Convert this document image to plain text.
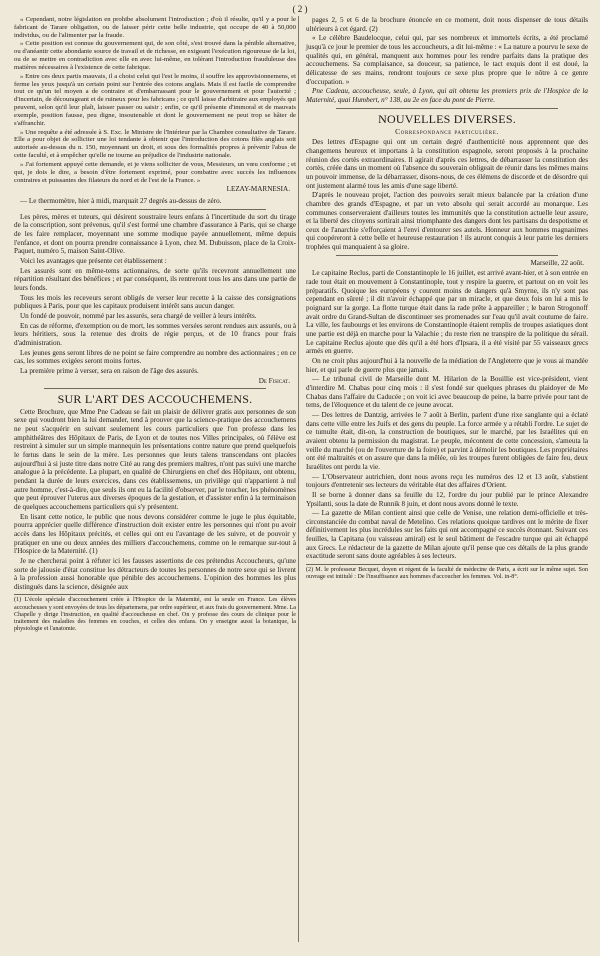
( 2 )

« Cependant, notre législation en prohibe absolument l'introduction ; d'où il résulte, qu'il y a pour le fabricant de Tarare obligation, ou de laisser périr cette belle industrie, qui occupe de 40 à 50,000 individus, ou de l'alimenter par la fraude.

» Cette position est connue du gouvernement qui, de son côté, s'est trouvé dans la pénible alternative, ou d'anéantir cette abondante source de travail et de richesse, en exigeant l'exécution rigoureuse de la loi, ou de se mettre en contradiction avec elle en avec lui-même, en tolérant l'introduction frauduleuse des matières nécessaires à l'existence de cette fabrique.

» Entre ces deux partis mauvais, il a choisi celui qui l'est le moins, il souffre les approvisionnemens, et ferme les yeux jusqu'à un certain point sur l'entrée des cotons anglais. Mais il est facile de comprendre tout ce qu'un tel moyen a de contraire et d'embarrassant pour le gouvernement et pour l'autorité ; d'incertain, de décourageant et de ruineux pour les fabricans ; ce qu'il laisse d'arbitraire aux employés qui peuvent, selon qu'il leur plaît, laisser passer ou saisir ; enfin, ce qu'il présente d'immoral et de mauvais exemple, position fausse, peu digne, insoutenable et dont le gouvernement ne peut trop se hâter de s'affranchir.

» Une requête a été adressée à S. Exc. le Ministre de l'Intérieur par la Chambre consultative de Tarare. Elle a pour objet de solliciter une loi tendante à obtenir que l'introduction des cotons filés anglais soit autorisée au-dessus du n. 150, moyennant un droit, et sous des formalités propres à prévenir l'abus de cette faculté, et à empêcher qu'elle ne tourne au préjudice de l'industrie nationale.

» J'ai fortement appuyé cette demande, et je viens solliciter de vous, Messieurs, un vœu conforme ; et qui, je dois le dire, a besoin d'être fortement exprimé, pour combattre avec succès les influences contraires et puissantes des filateurs du nord et de l'est de la France. »

LEZAY-MARNESIA.

— Le thermomètre, hier à midi, marquait 27 degrés au-dessus de zéro.

Les pères, mères et tuteurs, qui désirent soustraire leurs enfans à l'incertitude du sort du tirage de la conscription, sont prévenus, qu'il s'est formé une chambre d'assurance à Paris, qui se charge de les faire remplacer, moyennant une somme modique payée annuellement, même depuis l'enfance, et dont on pourra prendre connaissance à Lyon, chez M. Dubuisson, place de la Croix-Paquet, numéro 5, maison Saint-Olive.

Voici les avantages que présente cet établissement :

Les assurés sont en même-tems actionnaires, de sorte qu'ils recevront annuellement une répartition résultant des bénéfices ; et par conséquent, ils rentreront tous les ans dans une partie de leurs fonds.

Tous les mois les receveurs seront obligés de verser leur recette à la caisse des consignations publiques à Paris, pour que les capitaux produisent intérêt sans aucun danger.

Un fondé de pouvoir, nommé par les assurés, sera chargé de veiller à leurs intérêts.

En cas de réforme, d'exemption ou de mort, les sommes versées seront rendues aux assurés, ou à leurs héritiers, sous la retenue des droits de régie perçus, et de 10 francs pour frais d'administration.

Les jeunes gens seront libres de ne point se faire comprendre au nombre des actionnaires ; en ce cas, les sommes exigées seront moins fortes.

La première prime à verser, sera en raison de l'âge des assurés.

De Fisicat.
SUR L'ART DES ACCOUCHEMENS.

Cette Brochure, que Mme Pne Cadeau se fait un plaisir de délivrer gratis aux personnes de son sexe qui voudront bien la lui demander, tend à prouver que la science-pratique des accouchemens ne peut s'acquérir en suivant seulement les cours particuliers que l'on professe dans les amphithéâtres des Hôpitaux de Paris, de Lyon et de toutes nos Villes principales, où l'élève est restreint à simuler sur un simple mannequin les présentations contre nature que prend quelquefois le fœtus dans le sein de la mère. Les personnes que leurs talens transcendans ont placées aujourd'hui à si juste titre dans notre Cité au rang des premiers maîtres, n'ont pas suivi une marche analogue à la précédente. La plupart, en qualité de Chirurgiens en chef des Hôpitaux, ont obtenu, pendant la durée de leurs exercices, dans ces établissemens, un privilège qui n'appartient à nul autre homme, c'est-à-dire, que seuls ils ont eu la facilité d'observer, par le toucher, les phénomènes que peut éprouver l'uterus aux diverses époques de la gestation, et d'assister enfin à la terminaison de quelques accouchemens particuliers qui s'y présentent.

En lisant cette notice, le public que nous devons considérer comme le juge le plus équitable, pourra apprécier quelle différence d'instruction doit exister entre les personnes qui n'ont pu avoir accès dans les Hôpitaux précités, et celles qui ont eu l'avantage de les suivre, et de pouvoir y pratiquer en une ou deux années des milliers d'accouchemens, comme on le remarque sur-tout à l'Hospice de la Maternité. (1)

Je ne chercherai point à réfuter ici les fausses assertions de ces prétendus Accoucheurs, qu'une sorte de jalousie d'état constitue les détracteurs de toutes les personnes de notre sexe qui se livrent à la profession aussi honorable que pénible des accouchemens. L'opinion des hommes les plus distingués dans la science, désignée aux

(1) L'école spéciale d'accouchement créée à l'Hospice de la Maternité, est la seule en France. Les élèves accoucheuses y sont envoyées de tous les départemens, par ordre supérieur, et aux frais du gouvernement. Mme. La Chapelle y dirige l'instruction, en qualité d'accoucheuse en chef. On y professe des cours de clinique pour le traitement des maladies des femmes en couches, et celles des enfans. On y enseigne aussi la botanique, la physiologie et l'anatomie.

pages 2, 5 et 6 de la brochure énoncée en ce moment, doit nous dispenser de tous détails ultérieurs à cet égard. (2)

« Le célèbre Baudelocque, celui qui, par ses nombreux et immortels écrits, a été proclamé jusqu'à ce jour le premier de tous les accoucheurs, a dit lui-même : « La nature a pourvu le sexe de qualités qui, en général, manquent aux hommes pour les rendre parfaits dans la pratique des accouchemens. Sa complaisance, sa douceur, sa patience, le tact exquis dont il est doué, la délicatesse de ses mains, rendront toujours ce sexe plus propre que le nôtre à ce genre d'occupation. »

Pne Cadeau, accoucheuse, seule, à Lyon, qui ait obtenu les premiers prix de l'Hospice de la Maternité, quai Humbert, n° 138, au 2e en face du pont de Pierre.

NOUVELLES DIVERSES.
Correspondance particulière.

Des lettres d'Espagne qui ont un certain degré d'authenticité nous apprennent que des changemens heureux et importans à la constitution espagnole, seront proposés à la prochaine réunion des cortès extraordinaires. Il agirait d'après ces lettres, de débarrasser la constitution des cortès, créée dans un moment où l'absence du souverain obligeait de réunir dans les mêmes mains un pouvoir immense, de la débarrasser, disons-nous, de ces élémens de discorde et de désordre qui ont justement alarmé tous les amis d'une sage liberté.

D'après le nouveau projet, l'action des pouvoirs serait mieux balancée par la création d'une chambre des grands d'Espagne, et par un veto absolu qui serait accordé au monarque. Les communes conserveraient d'ailleurs toutes les immunités que la constitution actuelle leur assure, et la liberté des citoyens sortirait ainsi triomphante des dangers dont les partisans du despotisme et ceux de l'anarchie s'efforçaient à l'envi d'entourer ses autels. Honneur aux hommes magnanimes qui coopéreront à cette belle et heureuse restauration ! ils auront conquis à leur patrie les derniers trophées qui manquaient à sa gloire.

Marseille, 22 août.

Le capitaine Reclus, parti de Constantinople le 16 juillet, est arrivé avant-hier, et à son entrée en rade tout était en mouvement à Constantinople, tout y respire la guerre, et partout on en voit les préparatifs. Quoique les européens y courent moins de dangers qu'à Smyrne, ils n'y sont pas cependant en sûreté ; il dit n'avoir échappé que par un miracle, et que deux fois on lui a mis le poignard sur la gorge. La flotte turque était dans la rade prête à appareiller ; le baron Strogonoff avait ordre du Grand-Sultan de discontinuer ses promenades sur l'eau qu'il avait coutume de faire. La ville, les faubourgs et les environs de Constantinople étaient remplis de troupes asiatiques dont une partie est déjà en marche pour la Valachie ; du reste rien ne transpire de la politique du sérail. Le capitaine Reclus ajoute que dès qu'il a été hors d'Ipsara, il a été visité par 55 vaisseaux grecs armés en guerre.

On ne croit plus aujourd'hui à la nouvelle de la médiation de l'Angleterre que je vous ai mandée hier, et qui parle de guerre plus que jamais.

— Le tribunal civil de Marseille dont M. Hilarion de la Bouillie est vice-président, vient d'interdire M. Chabas pour cinq mois : il s'est fondé sur quelques phrases du plaidoyer de Me Chabas dans l'affaire du Caducée ; on voit ici avec beaucoup de peine, la barre privée pour tant de tems, de l'éloquence et du talent de ce jeune avocat.

— Des lettres de Dantzig, arrivées le 7 août à Berlin, parlent d'une rixe sanglante qui a éclaté dans cette ville entre les Juifs et des gens du peuple. La force armée y a rétabli l'ordre. Le sujet de ce tumulte était, dit-on, la construction de boutiques, sur le marché, par les Israélites qui en avaient obtenu la permission du magistrat. Le peuple, mécontent de cette concession, s'ameuta la veille du marché (ou de l'ouverture de la foire) et parvint à démolir les boutiques. Les propriétaires ont été maltraités et on assure que dans la mêlée, où les troupes furent obligées de faire feu, deux Israélites ont perdu la vie.

— L'Observateur autrichien, dont nous avons reçu les numéros des 12 et 13 août, s'abstient toujours d'entretenir ses lecteurs du véritable état des affaires d'Orient.

Il se borne à donner dans sa feuille du 12, l'ordre du jour publié par le prince Alexandre Ypsilanti, sous la date de Runnik 8 juin, et dont nous avons donné le texte.

— La gazette de Milan contient ainsi que celle de Venise, une relation demi-officielle et très-circonstanciée du combat naval de Metelino. Ces relations quoique tardives ont le mérite de fixer définitivement les plus incrédules sur les faits qui ont accompagné ce succès étonnant. Suivant ces feuilles, la Capitana (ou vaisseau amiral) est le seul bâtiment de l'escadre turque qui ait échappé aux Grecs. Le rédacteur de la gazette de Milan ajoute qu'il pense que ces détails de la plus grande exactitude seront sans doute agréables à ses lecteurs.

(2) M. le professeur Becquet, doyen et régent de la faculté de médecine de Paris, a écrit sur le même sujet. Son ouvrage est intitulé : De l'insuffisance aux hommes d'accoucher les femmes. Vol. in-8°.
